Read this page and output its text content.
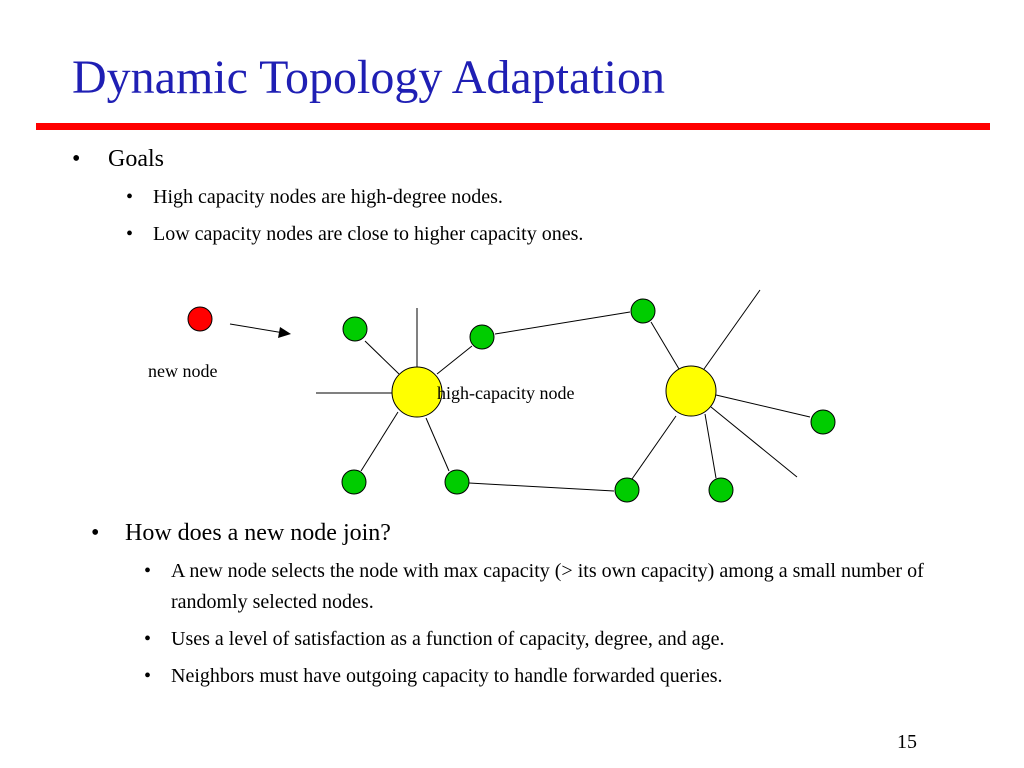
Dynamic Topology Adaptation
•	Goals
• High capacity nodes are high-degree nodes.
• Low capacity nodes are close to higher capacity ones.
new node
high-capacity node
•	How does a new node join?
• A new node selects the node with max capacity (> its own capacity) among a small number of randomly selected nodes.
• Uses a level of satisfaction as a function of capacity, degree, and age.
• Neighbors must have outgoing capacity to handle forwarded queries.
15
